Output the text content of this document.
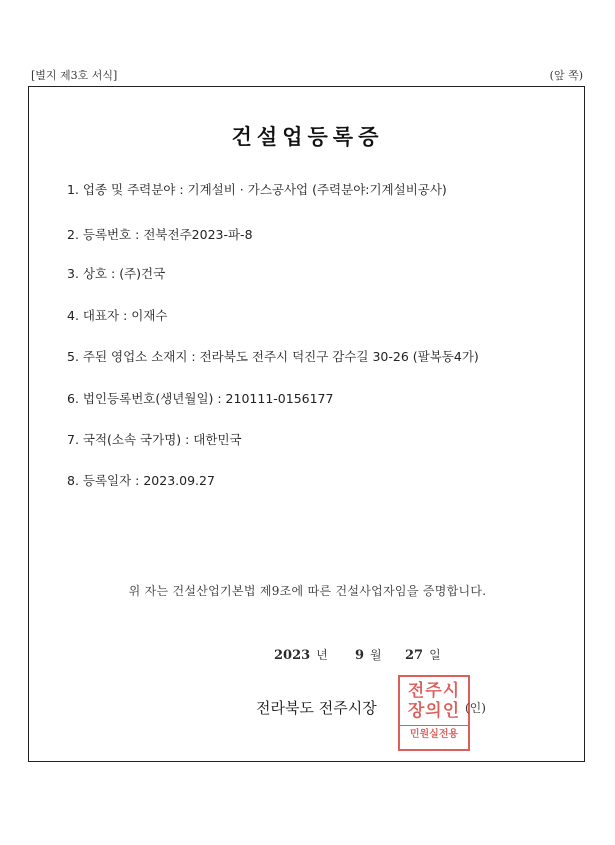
[별지 제3호 서식]	(앞 쪽)
건설업등록증
1. 업종 및 주력분야 : 기계설비 · 가스공사업 (주력분야:기계설비공사)
2. 등록번호 : 전북전주2023-파-8
3. 상호 : (주)건국
4. 대표자 : 이재수
5. 주된 영업소 소재지 : 전라북도 전주시 덕진구 감수길 30-26 (팔복동4가)
6. 법인등록번호(생년월일) : 210111-0156177
7. 국적(소속 국가명) : 대한민국
8. 등록일자 : 2023.09.27
위 자는 건설산업기본법 제9조에 따른 건설사업자임을 증명합니다.
2023 년 9 월 27 일
전라북도 전주시장
전주시
장의인
민원실전용
(인)
